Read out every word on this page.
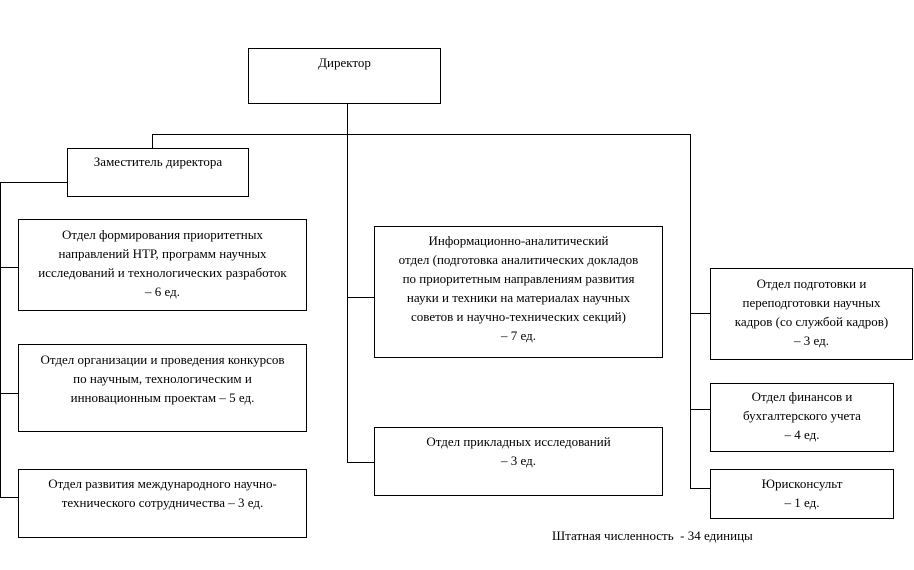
Директор
Заместитель директора
Отдел формирования приоритетных
направлений НТР, программ научных
исследований и технологических разработок
– 6 ед.
Отдел организации и проведения конкурсов
по научным, технологическим и
инновационным проектам – 5 ед.
Отдел развития международного научно-
технического сотрудничества – 3 ед.
Информационно-аналитический
отдел (подготовка аналитических докладов
по приоритетным направлениям развития
науки и техники на материалах научных
советов и научно-технических секций)
– 7 ед.
Отдел прикладных исследований
– 3 ед.
Отдел подготовки и
переподготовки научных
кадров (со службой кадров)
– 3 ед.
Отдел финансов и
бухгалтерского учета
– 4 ед.
Юрисконсульт
– 1 ед.
Штатная численность  - 34 единицы
